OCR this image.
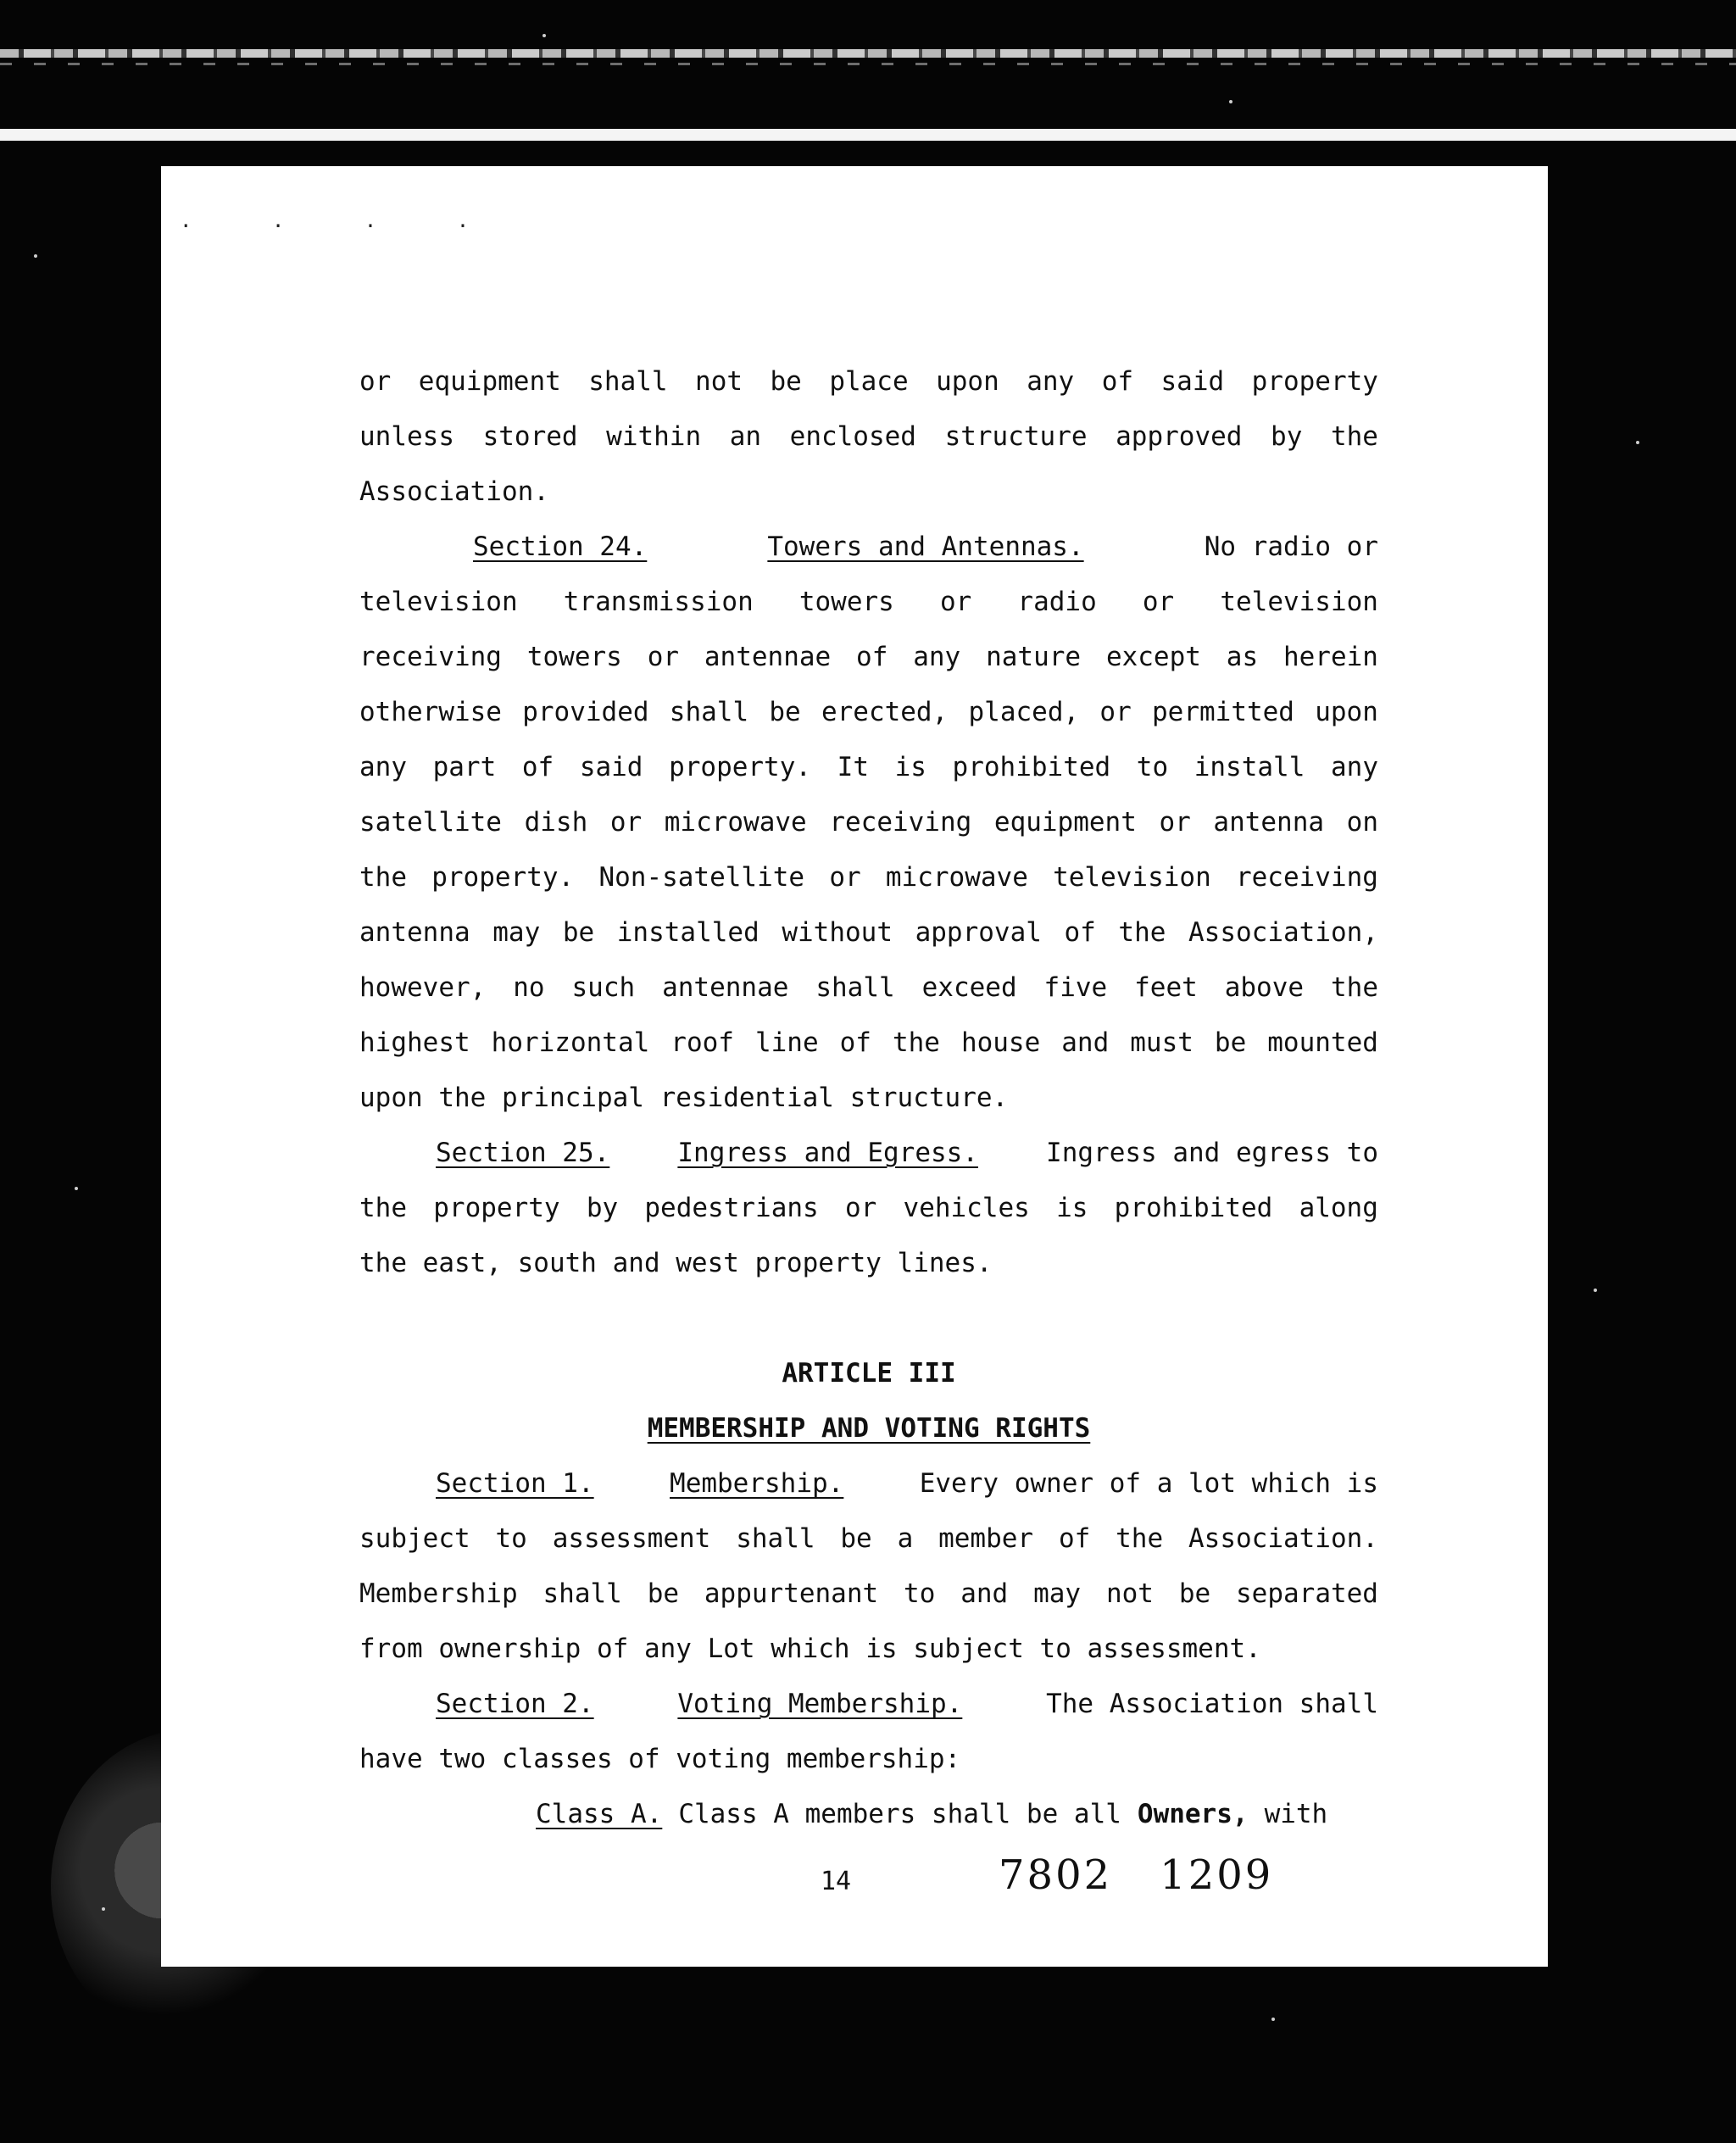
. . . .
or equipment shall not be place upon any of said property
unless stored within an enclosed structure approved by the
Association.
Section 24.	Towers and Antennas.	No radio or
television transmission towers or radio or television
receiving towers or antennae of any nature except as herein
otherwise provided shall be erected, placed, or permitted upon
any part of said property. It is prohibited to install any
satellite dish or microwave receiving equipment or antenna on
the property. Non-satellite or microwave television receiving
antenna may be installed without approval of the Association,
however, no such antennae shall exceed five feet above the
highest horizontal roof line of the house and must be mounted
upon the principal residential structure.
Section 25.	Ingress and Egress.	Ingress and egress to
the property by pedestrians or vehicles is prohibited along
the east, south and west property lines.
ARTICLE III
MEMBERSHIP AND VOTING RIGHTS
Section 1.	Membership.	Every owner of a lot which is
subject to assessment shall be a member of the Association.
Membership shall be appurtenant to and may not be separated
from ownership of any Lot which is subject to assessment.
Section 2.	Voting Membership.	The Association shall
have two classes of voting membership:
Class A. Class A members shall be all Owners, with
14	7802 1209
